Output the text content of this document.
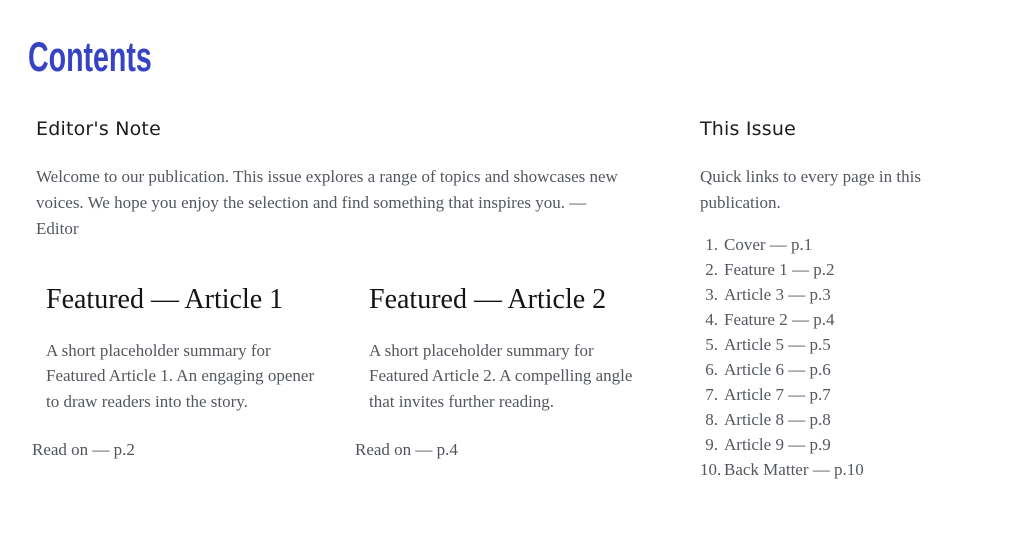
Contents
Editor's Note

Welcome to our publication. This issue explores a range of topics and showcases new voices. We hope you enjoy the selection and find something that inspires you. — Editor

Featured — Article 1

A short placeholder summary for Featured Article 1. An engaging opener to draw readers into the story.

Read on — p.2
Featured — Article 2

A short placeholder summary for Featured Article 2. A compelling angle that invites further reading.

Read on — p.4
This Issue

Quick links to every page in this publication.

1. Cover — p.1
2. Feature 1 — p.2
3. Article 3 — p.3
4. Feature 2 — p.4
5. Article 5 — p.5
6. Article 6 — p.6
7. Article 7 — p.7
8. Article 8 — p.8
9. Article 9 — p.9
10. Back Matter — p.10
